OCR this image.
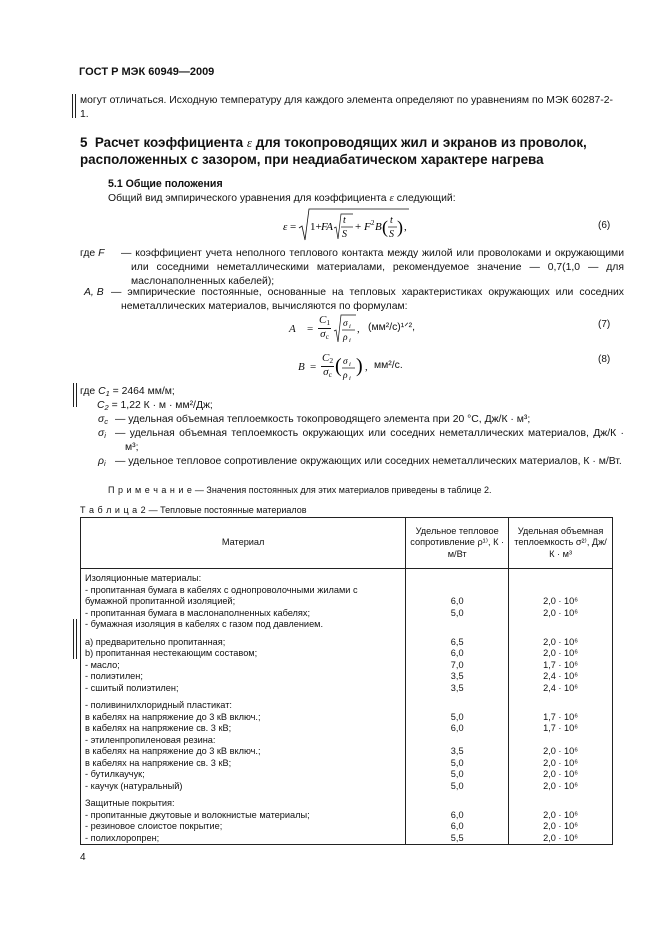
ГОСТ Р МЭК 60949—2009
могут отличаться. Исходную температуру для каждого элемента определяют по уравнениям по МЭК 60287-2-1.
5 Расчет коэффициента ε для токопроводящих жил и экранов из проволок, расположенных с зазором, при неадиабатическом характере нагрева
5.1 Общие положения
Общий вид эмпирического уравнения для коэффициента ε следующий:
ε = 1+ FA
t
S
+ F 2 B ( t
S ) ,	(6)
где F	— коэффициент учета неполного теплового контакта между жилой или проволоками и окружающими или соседними неметаллическими материалами, рекомендуемое значение — 0,7(1,0 — для маслонаполненных кабелей);
A, B — эмпирические постоянные, основанные на тепловых характеристиках окружающих или соседних неметаллических материалов, вычисляются по формулам:
$A = \frac{C_1}{\sigma_c}$ σ i
ρ i
, (мм²/с)¹ᐟ²,	(7)
$B = \frac{C_2}{\sigma_c}$ ( σ i
ρ i
) , мм²/с.
(8)
где $C_1 = 2464$ мм/м;
$C_2 = 1,22$ К · м · мм²/Дж;
$\sigma_c$ — удельная объемная теплоемкость токопроводящего элемента при 20 °С, Дж/К · м³;
$\sigma_i$ — удельная объемная теплоемкость окружающих или соседних неметаллических материалов, Дж/К · м³;
$\rho_i$ — удельное тепловое сопротивление окружающих или соседних неметаллических материалов, К · м/Вт.
П р и м е ч а н и е — Значения постоянных для этих материалов приведены в таблице 2.
Т а б л и ц а 2 — Тепловые постоянные материалов
Материал	Удельное тепловое сопротивление ρ¹⁾, К · м/Вт	Удельная объемная теплоемкость σ²⁾, Дж/К · м³
Изоляционные материалы:		
- пропитанная бумага в кабелях с однопроволочными жилами с		
бумажной пропитанной изоляцией;	6,0	2,0 · 10⁶
- пропитанная бумага в маслонаполненных кабелях;	5,0	2,0 · 10⁶
- бумажная изоляция в кабелях с газом под давлением.		

a) предварительно пропитанная;	6,5	2,0 · 10⁶
b) пропитанная нестекающим составом;	6,0	2,0 · 10⁶
- масло;	7,0	1,7 · 10⁶
- полиэтилен;	3,5	2,4 · 10⁶
- сшитый полиэтилен;	3,5	2,4 · 10⁶

- поливинилхлоридный пластикат:		
в кабелях на напряжение до 3 кВ включ.;	5,0	1,7 · 10⁶
в кабелях на напряжение св. 3 кВ;	6,0	1,7 · 10⁶
- этиленпропиленовая резина:		
в кабелях на напряжение до 3 кВ включ.;	3,5	2,0 · 10⁶
в кабелях на напряжение св. 3 кВ;	5,0	2,0 · 10⁶
- бутилкаучук;	5,0	2,0 · 10⁶
- каучук (натуральный)	5,0	2,0 · 10⁶

Защитные покрытия:		
- пропитанные джутовые и волокнистые материалы;	6,0	2,0 · 10⁶
- резиновое слоистое покрытие;	6,0	2,0 · 10⁶
- полихлоропрен;	5,5	2,0 · 10⁶
4
